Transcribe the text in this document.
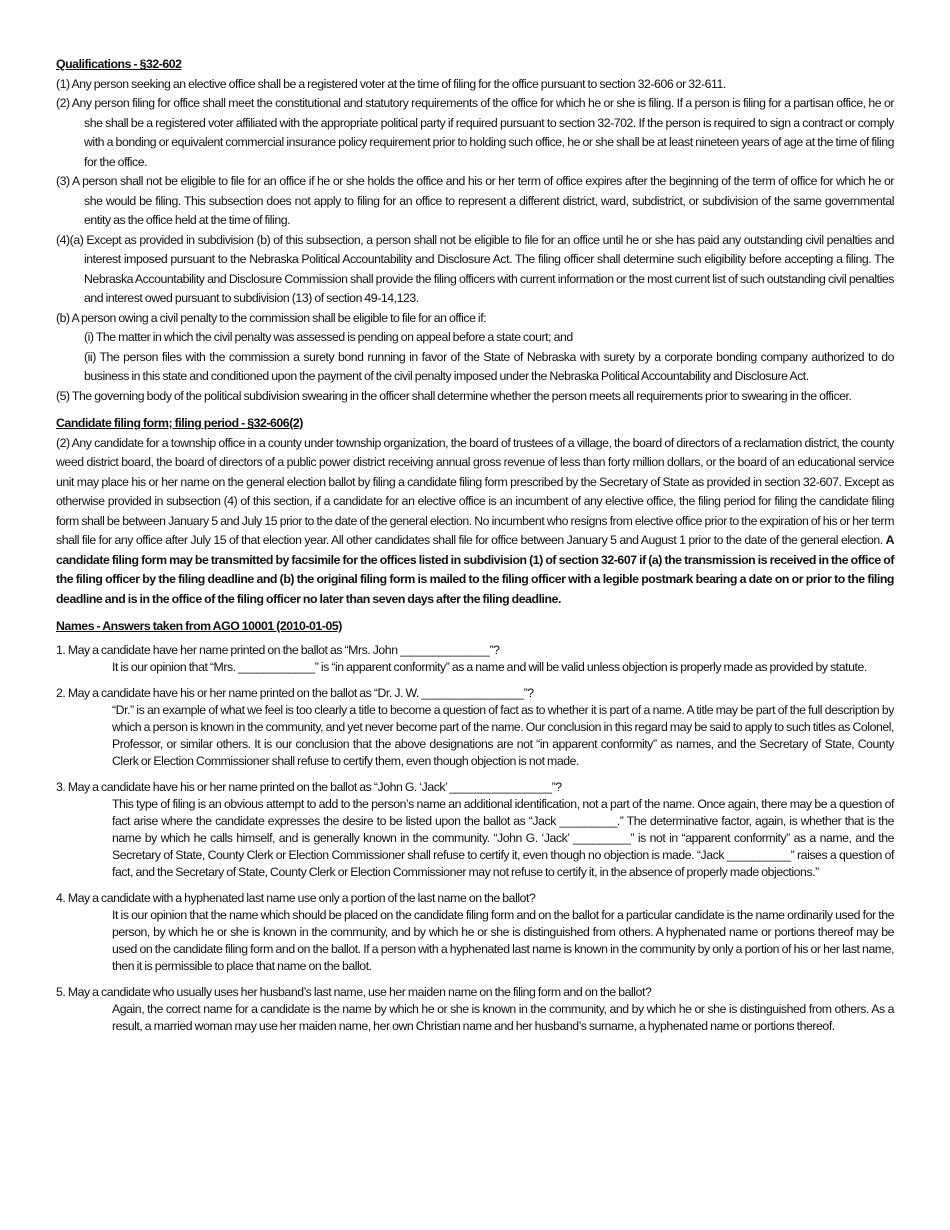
Qualifications - §32-602

(1) Any person seeking an elective office shall be a registered voter at the time of filing for the office pursuant to section 32-606 or 32-611.

(2) Any person filing for office shall meet the constitutional and statutory requirements of the office for which he or she is filing. If a person is filing for a partisan office, he or she shall be a registered voter affiliated with the appropriate political party if required pursuant to section 32-702. If the person is required to sign a contract or comply with a bonding or equivalent commercial insurance policy requirement prior to holding such office, he or she shall be at least nineteen years of age at the time of filing for the office.

(3) A person shall not be eligible to file for an office if he or she holds the office and his or her term of office expires after the beginning of the term of office for which he or she would be filing. This subsection does not apply to filing for an office to represent a different district, ward, subdistrict, or subdivision of the same governmental entity as the office held at the time of filing.

(4)(a) Except as provided in subdivision (b) of this subsection, a person shall not be eligible to file for an office until he or she has paid any outstanding civil penalties and interest imposed pursuant to the Nebraska Political Accountability and Disclosure Act. The filing officer shall determine such eligibility before accepting a filing. The Nebraska Accountability and Disclosure Commission shall provide the filing officers with current information or the most current list of such outstanding civil penalties and interest owed pursuant to subdivision (13) of section 49-14,123.

(b) A person owing a civil penalty to the commission shall be eligible to file for an office if:

(i) The matter in which the civil penalty was assessed is pending on appeal before a state court; and

(ii) The person files with the commission a surety bond running in favor of the State of Nebraska with surety by a corporate bonding company authorized to do business in this state and conditioned upon the payment of the civil penalty imposed under the Nebraska Political Accountability and Disclosure Act.

(5) The governing body of the political subdivision swearing in the officer shall determine whether the person meets all requirements prior to swearing in the officer.

Candidate filing form; filing period - §32-606(2)

(2) Any candidate for a township office in a county under township organization, the board of trustees of a village, the board of directors of a reclamation district, the county weed district board, the board of directors of a public power district receiving annual gross revenue of less than forty million dollars, or the board of an educational service unit may place his or her name on the general election ballot by filing a candidate filing form prescribed by the Secretary of State as provided in section 32-607. Except as otherwise provided in subsection (4) of this section, if a candidate for an elective office is an incumbent of any elective office, the filing period for filing the candidate filing form shall be between January 5 and July 15 prior to the date of the general election. No incumbent who resigns from elective office prior to the expiration of his or her term shall file for any office after July 15 of that election year. All other candidates shall file for office between January 5 and August 1 prior to the date of the general election. A candidate filing form may be transmitted by facsimile for the offices listed in subdivision (1) of section 32-607 if (a) the transmission is received in the office of the filing officer by the filing deadline and (b) the original filing form is mailed to the filing officer with a legible postmark bearing a date on or prior to the filing deadline and is in the office of the filing officer no later than seven days after the filing deadline.

Names - Answers taken from AGO 10001 (2010-01-05)

1. May a candidate have her name printed on the ballot as “Mrs. John ______________”?

It is our opinion that “Mrs. ____________” is “in apparent conformity” as a name and will be valid unless objection is properly made as provided by statute.

2. May a candidate have his or her name printed on the ballot as “Dr. J. W. ________________”?

“Dr.” is an example of what we feel is too clearly a title to become a question of fact as to whether it is part of a name. A title may be part of the full description by which a person is known in the community, and yet never become part of the name. Our conclusion in this regard may be said to apply to such titles as Colonel, Professor, or similar others. It is our conclusion that the above designations are not “in apparent conformity” as names, and the Secretary of State, County Clerk or Election Commissioner shall refuse to certify them, even though objection is not made.

3. May a candidate have his or her name printed on the ballot as “John G. ‘Jack’ ________________”?

This type of filing is an obvious attempt to add to the person’s name an additional identification, not a part of the name. Once again, there may be a question of fact arise where the candidate expresses the desire to be listed upon the ballot as “Jack _________.” The determinative factor, again, is whether that is the name by which he calls himself, and is generally known in the community. “John G. ‘Jack’ _________” is not in “apparent conformity” as a name, and the Secretary of State, County Clerk or Election Commissioner shall refuse to certify it, even though no objection is made. “Jack __________” raises a question of fact, and the Secretary of State, County Clerk or Election Commissioner may not refuse to certify it, in the absence of properly made objections.”

4. May a candidate with a hyphenated last name use only a portion of the last name on the ballot?

It is our opinion that the name which should be placed on the candidate filing form and on the ballot for a particular candidate is the name ordinarily used for the person, by which he or she is known in the community, and by which he or she is distinguished from others. A hyphenated name or portions thereof may be used on the candidate filing form and on the ballot. If a person with a hyphenated last name is known in the community by only a portion of his or her last name, then it is permissible to place that name on the ballot.

5. May a candidate who usually uses her husband’s last name, use her maiden name on the filing form and on the ballot?

Again, the correct name for a candidate is the name by which he or she is known in the community, and by which he or she is distinguished from others. As a result, a married woman may use her maiden name, her own Christian name and her husband’s surname, a hyphenated name or portions thereof.
